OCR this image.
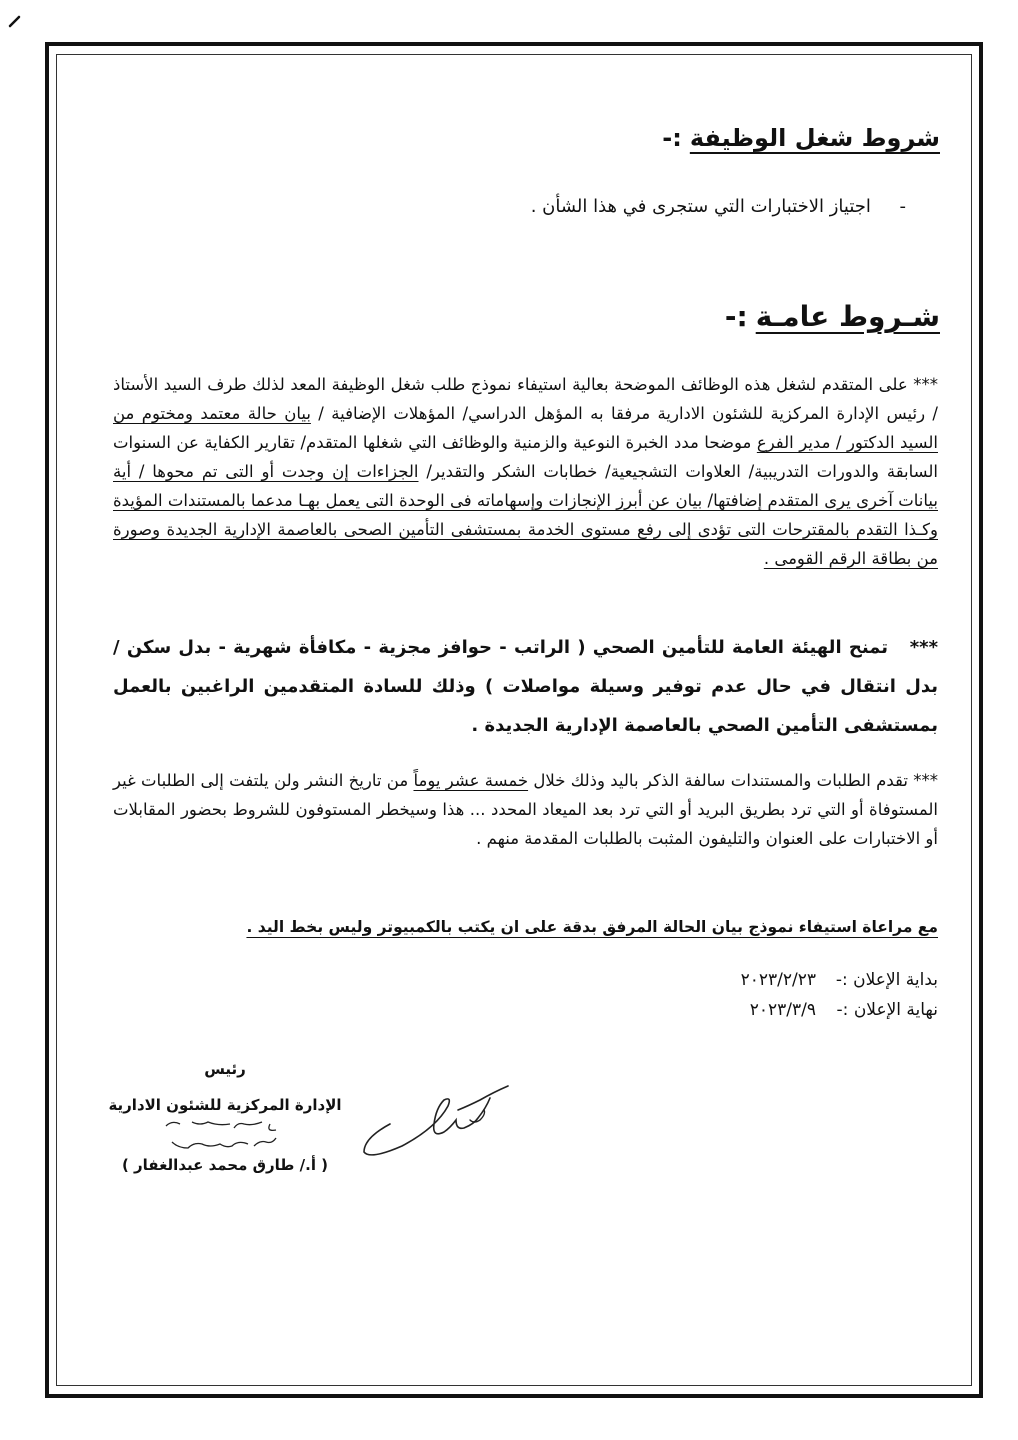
شروط شغل الوظيفة:-
-     اجتياز الاختبارات التي ستجرى في هذا الشأن .
شـروط عامـة:-
*** على المتقدم لشغل هذه الوظائف الموضحة بعالية استيفاء نموذج طلب شغل الوظيفة المعد لذلك طرف السيد الأستاذ / رئيس الإدارة المركزية للشئون الادارية مرفقا به المؤهل الدراسي/ المؤهلات الإضافية / بيان حالة معتمد ومختوم من السيد الدكتور / مدير الفرع موضحا مدد الخبرة النوعية والزمنية والوظائف التي شغلها المتقدم/ تقارير الكفاية عن السنوات السابقة والدورات التدريبية/ العلاوات التشجيعية/ خطابات الشكر والتقدير/ الجزاءات إن وجدت أو التى تم محوها / أية بيانات آخرى يرى المتقدم إضافتها/ بيان عن أبرز الإنجازات وإسهاماته فى الوحدة التى يعمل بهـا مدعما بالمستندات المؤيدة وكـذا التقدم بالمقترحات التى تؤدى إلى رفع مستوى الخدمة بمستشفى التأمين الصحى بالعاصمة الإدارية الجديدة وصورة من بطاقة الرقم القومى .
***   تمنح الهيئة العامة للتأمين الصحي ( الراتب - حوافز مجزية - مكافأة شهرية - بدل سكن / بدل انتقال في حال عدم توفير وسيلة مواصلات ) وذلك للسادة المتقدمين الراغبين بالعمل بمستشفى التأمين الصحي بالعاصمة الإدارية الجديدة .
*** تقدم الطلبات والمستندات سالفة الذكر باليد وذلك خلال خمسة عشر يوماً من تاريخ النشر ولن يلتفت إلى الطلبات غير المستوفاة أو التي ترد بطريق البريد أو التي ترد بعد الميعاد المحدد ... هذا وسيخطر المستوفون للشروط بحضور المقابلات أو الاختبارات على العنوان والتليفون المثبت بالطلبات المقدمة منهم .
مع مراعاة استيفاء نموذج بيان الحالة المرفق بدقة على ان يكتب بالكمبيوتر وليس بخط اليد .
بداية الإعلان :-٢٠٢٣/٢/٢٣
نهاية الإعلان :-٢٠٢٣/٣/٩
رئيس
الإدارة المركزية للشئون الادارية
( أ./ طارق محمد عبدالغفار )
